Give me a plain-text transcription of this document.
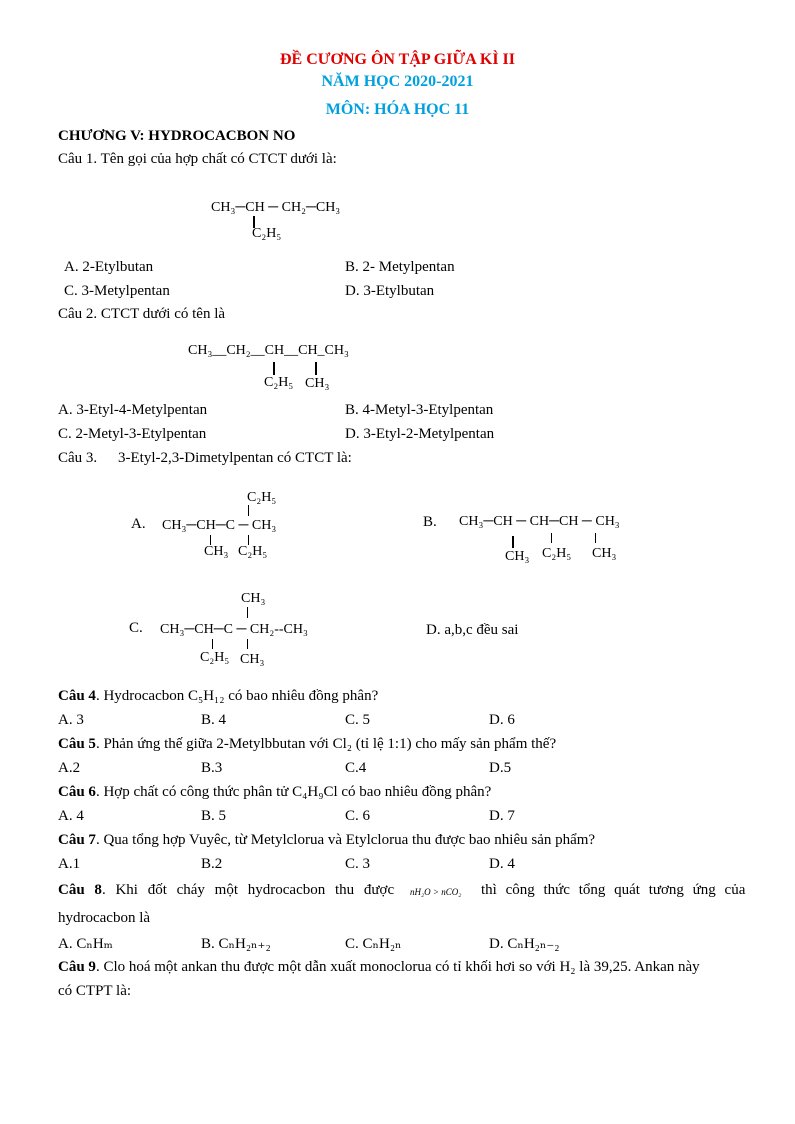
ĐỀ CƯƠNG ÔN TẬP GIỮA KÌ II
NĂM HỌC 2020-2021
MÔN: HÓA HỌC 11
CHƯƠNG V: HYDROCACBON NO
Câu 1. Tên gọi của hợp chất có CTCT dưới là:
CH₃─CH ─ CH₂─CH₃
C₂H₅
A. 2-Etylbutan	B. 2- Metylpentan
C. 3-Metylpentan	D. 3-Etylbutan
Câu 2. CTCT dưới có tên là
CH₃__CH₂__CH__CH_CH₃
C₂H₅ CH₃
A. 3-Etyl-4-Metylpentan	B. 4-Metyl-3-Etylpentan
C. 2-Metyl-3-Etylpentan	D. 3-Etyl-2-Metylpentan
Câu 3. 3-Etyl-2,3-Dimetylpentan có CTCT là:
A.
C₂H₅
CH₃─CH─C ─ CH₃
CH₃ C₂H₅
B. CH₃─CH ─ CH─CH ─ CH₃
CH₃ C₂H₅ CH₃
C.
CH₃
CH₃─CH─C ─ CH₂--CH₃
C₂H₅ CH₃
D. a,b,c đều sai
Câu 4. Hydrocacbon C₅H₁₂ có bao nhiêu đồng phân?
A. 3	B. 4	C. 5	D. 6
Câu 5. Phản ứng thế giữa 2-Metylbbutan với Cl₂ (tỉ lệ 1:1) cho mấy sản phẩm thế?
A.2	B.3	C.4	D.5
Câu 6. Hợp chất có công thức phân tử C₄H₉Cl có bao nhiêu đồng phân?
A. 4	B. 5	C. 6	D. 7
Câu 7. Qua tổng hợp Vuyêc, từ Metylclorua và Etylclorua thu được bao nhiêu sản phẩm?
A.1	B.2	C. 3	D. 4
Câu 8. Khi đốt cháy một hydrocacbon thu được nH₂O > nCO₂ thì công thức tổng quát tương ứng của
hydrocacbon là
A. CₙHₘ	B. CₙH₂ₙ₊₂	C. CₙH₂ₙ	D. CₙH₂ₙ₋₂
Câu 9. Clo hoá một ankan thu được một dẫn xuất monoclorua có tỉ khối hơi so với H₂ là 39,25. Ankan này
có CTPT là:
